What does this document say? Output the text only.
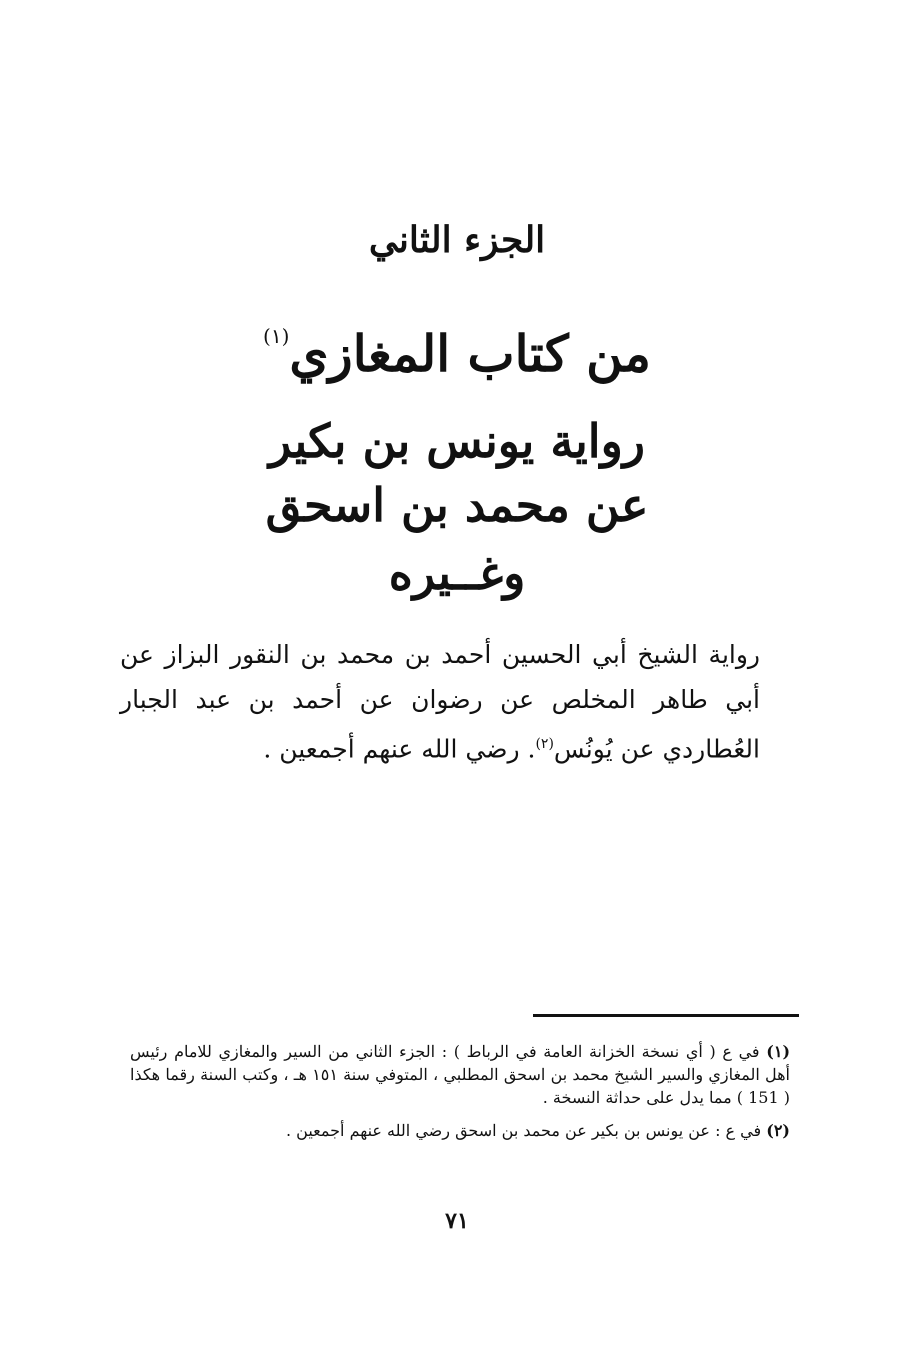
الجزء الثاني
من كتاب المغازي$^{(١)}$
رواية يونس بن بكير
عن محمد بن اسحق
وغــيره
رواية الشيخ أبي الحسين أحمد بن محمد بن النقور البزاز عن أبي طاهر المخلص عن رضوان عن أحمد بن عبد الجبار العُطاردي عن يُونُس$^{(٢)}$. رضي الله عنهم أجمعين .

(١) في ع ( أي نسخة الخزانة العامة في الرباط ) : الجزء الثاني من السير والمغازي للامام رئيس أهل المغازي والسير الشيخ محمد بن اسحق المطلبي ، المتوفي سنة ١٥١ هـ ، وكتب السنة رقما هكذا ( 151 ) مما يدل على حداثة النسخة .

(٢) في ع : عن يونس بن بكير عن محمد بن اسحق رضي الله عنهم أجمعين .

٧١
